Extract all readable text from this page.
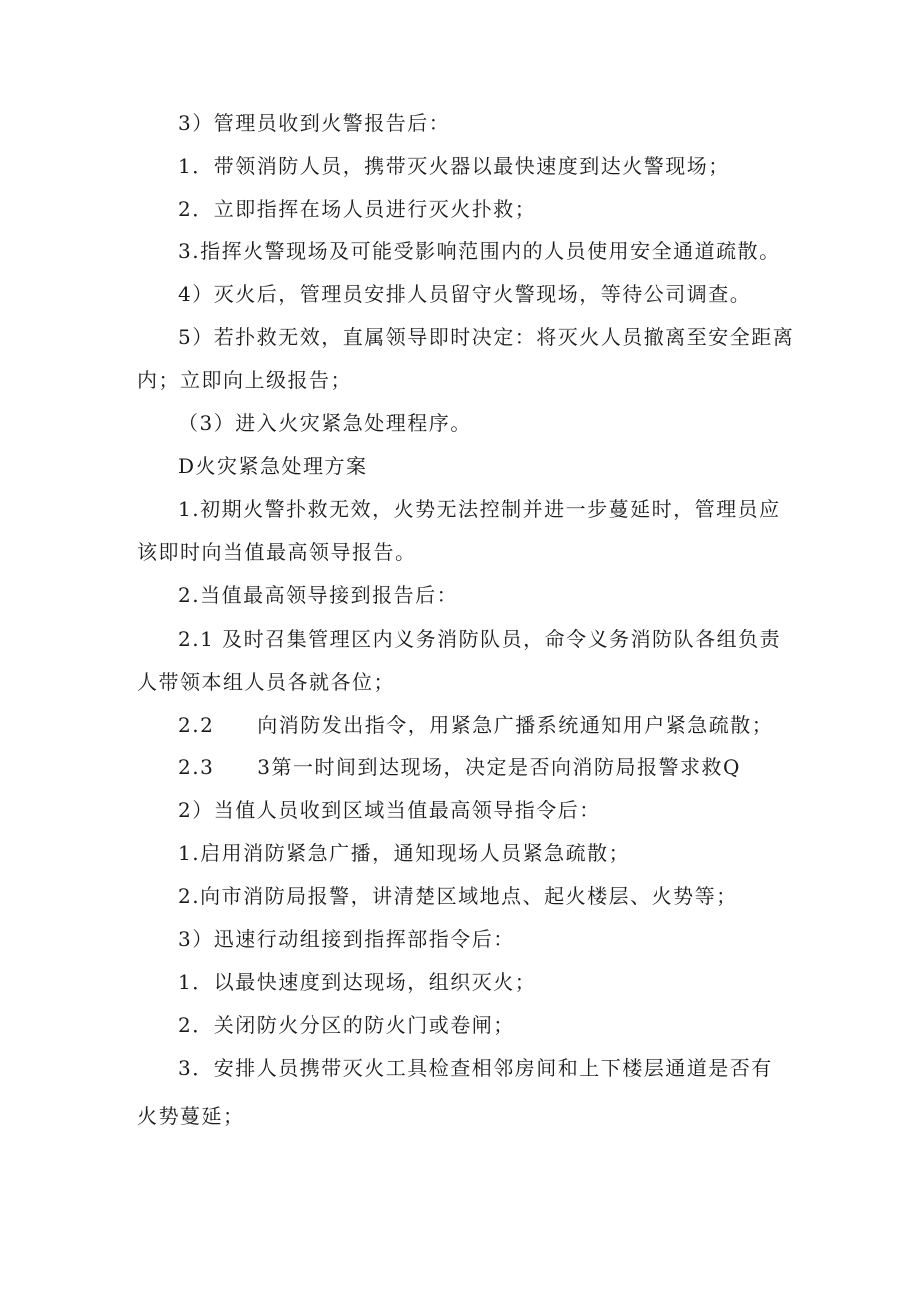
3）管理员收到火警报告后：

1．带领消防人员，携带灭火器以最快速度到达火警现场；

2．立即指挥在场人员进行灭火扑救；

3.指挥火警现场及可能受影响范围内的人员使用安全通道疏散。

4）灭火后，管理员安排人员留守火警现场，等待公司调查。

5）若扑救无效，直属领导即时决定：将灭火人员撤离至安全距离

内；立即向上级报告；

（3）进入火灾紧急处理程序。

D火灾紧急处理方案

1.初期火警扑救无效，火势无法控制并进一步蔓延时，管理员应

该即时向当值最高领导报告。

2.当值最高领导接到报告后：

2.1 及时召集管理区内义务消防队员，命令义务消防队各组负责

人带领本组人员各就各位；

2.2　　向消防发出指令，用紧急广播系统通知用户紧急疏散；

2.3　　3第一时间到达现场，决定是否向消防局报警求救Q

2）当值人员收到区域当值最高领导指令后：

1.启用消防紧急广播，通知现场人员紧急疏散；

2.向市消防局报警，讲清楚区域地点、起火楼层、火势等；

3）迅速行动组接到指挥部指令后：

1．以最快速度到达现场，组织灭火；

2．关闭防火分区的防火门或卷闸；

3．安排人员携带灭火工具检查相邻房间和上下楼层通道是否有

火势蔓延；
